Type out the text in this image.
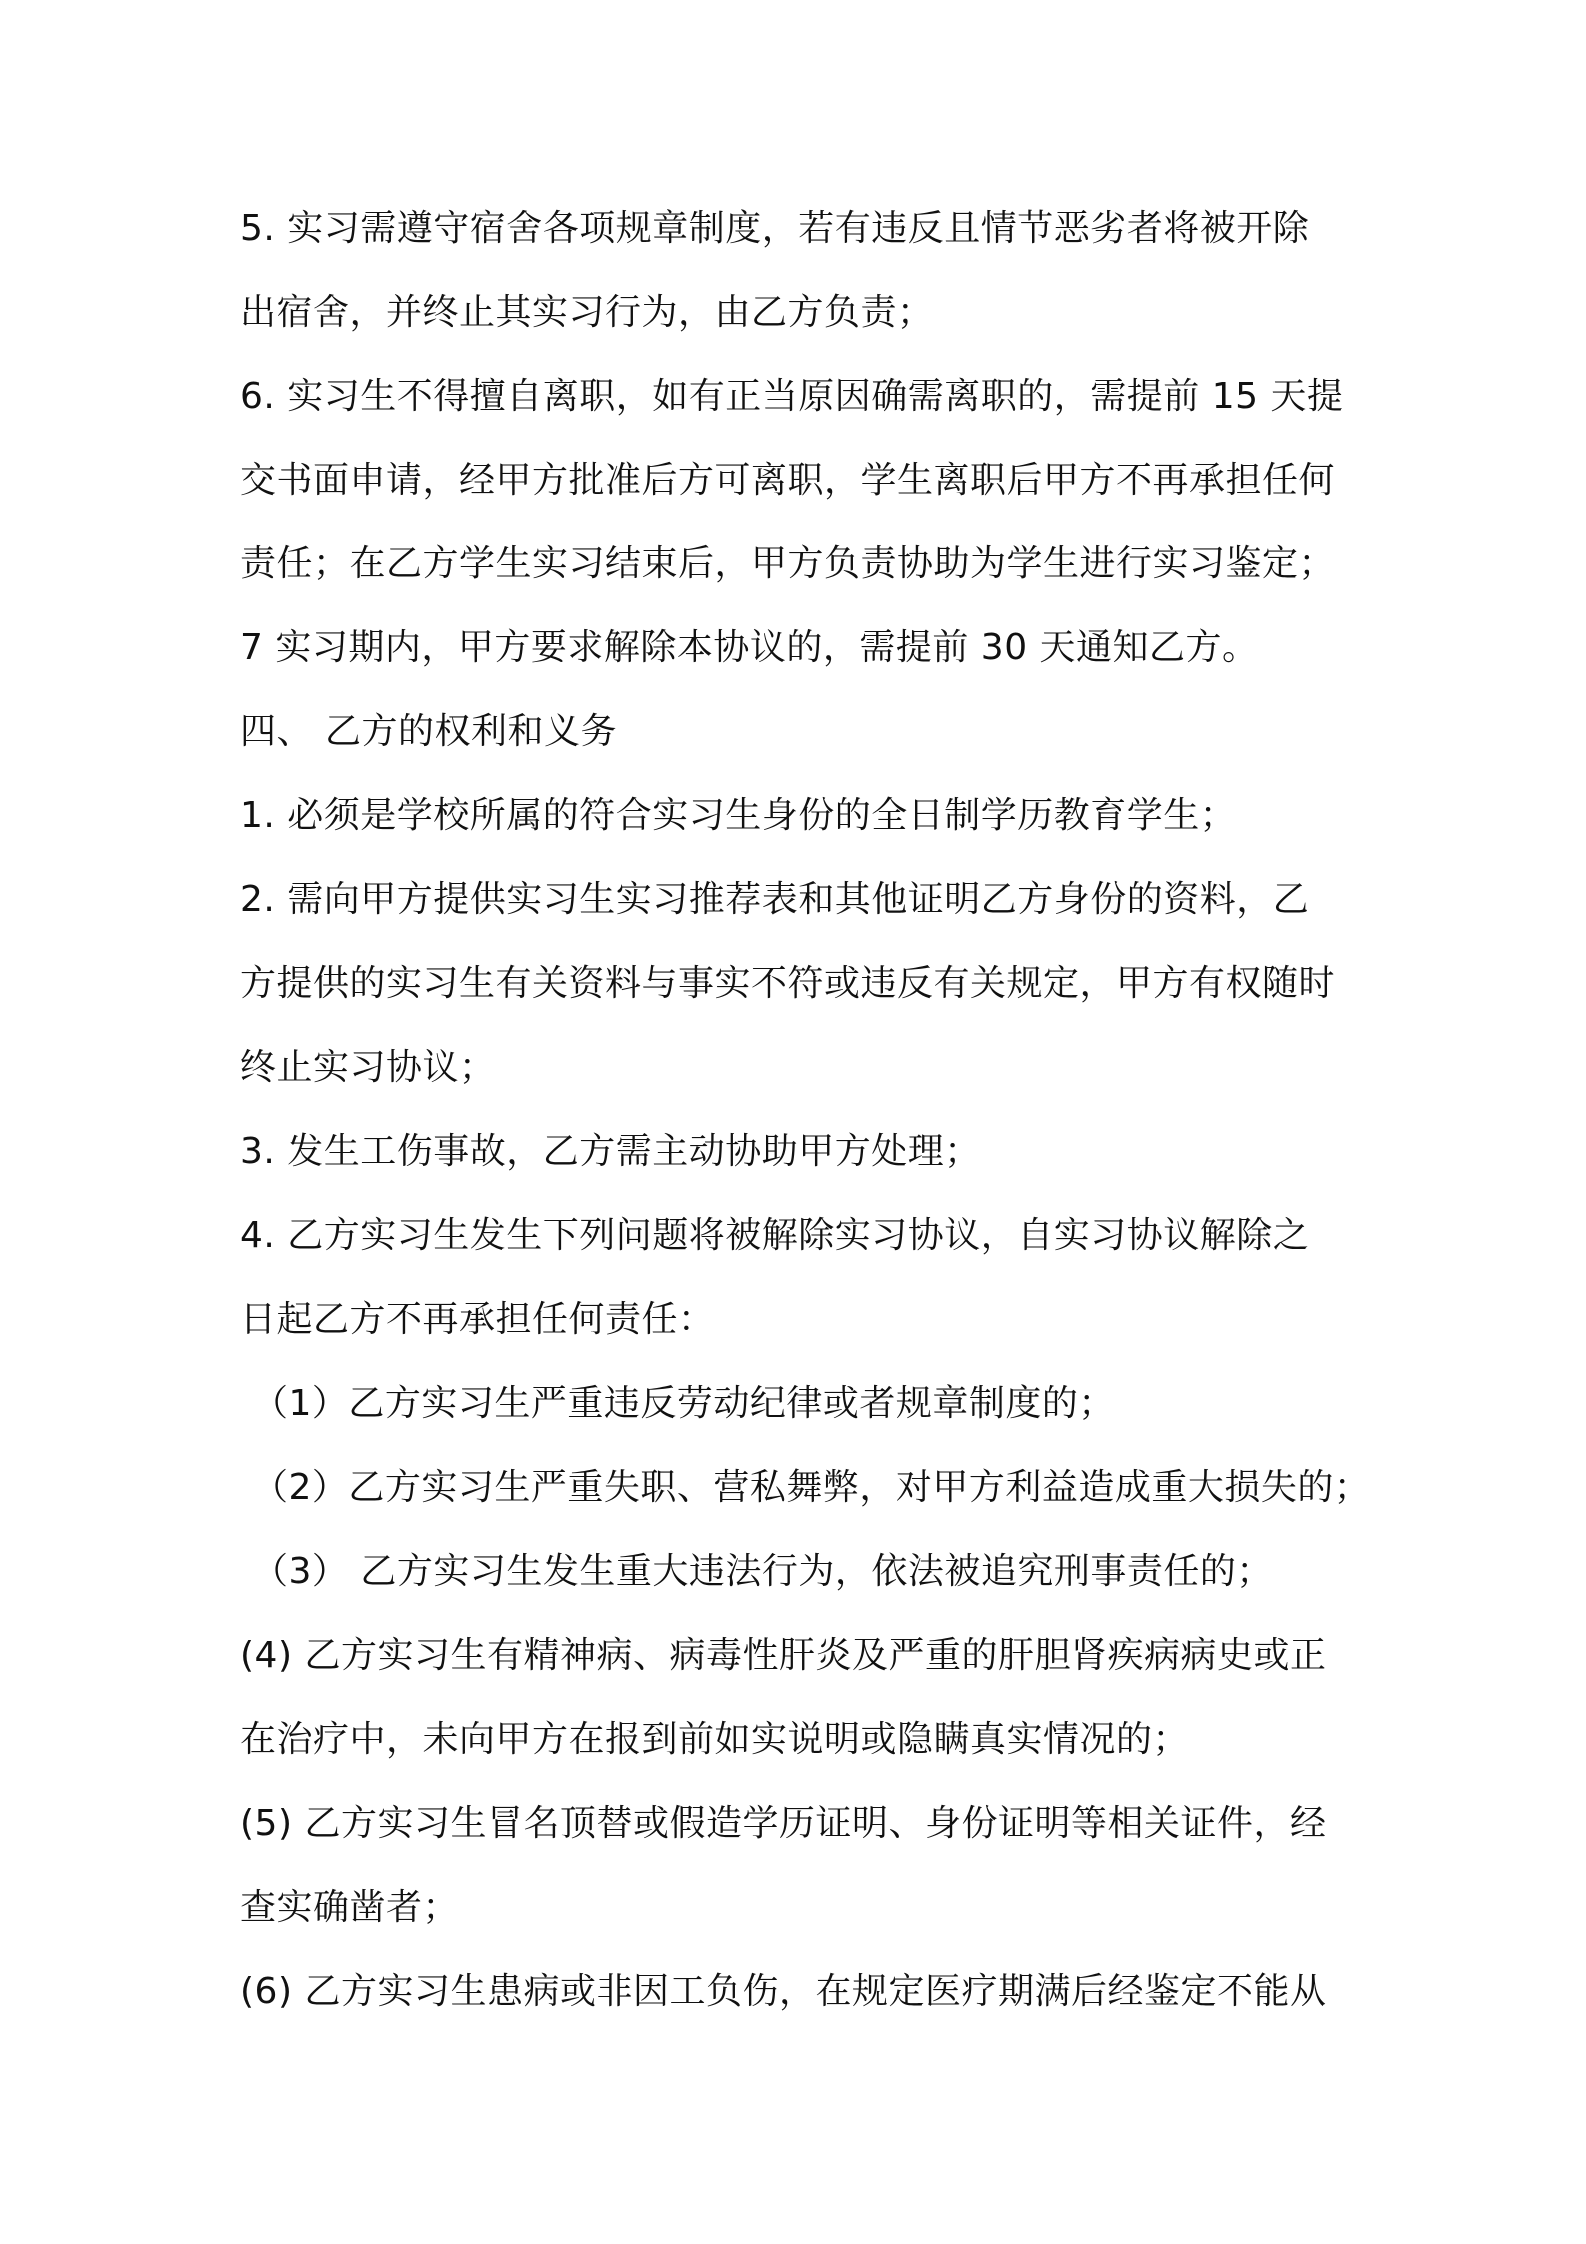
5. 实习需遵守宿舍各项规章制度，若有违反且情节恶劣者将被开除
出宿舍，并终止其实习行为，由乙方负责；
6. 实习生不得擅自离职，如有正当原因确需离职的，需提前 15 天提
交书面申请，经甲方批准后方可离职，学生离职后甲方不再承担任何
责任；在乙方学生实习结束后，甲方负责协助为学生进行实习鉴定；
7 实习期内，甲方要求解除本协议的，需提前 30 天通知乙方。
四、 乙方的权利和义务
1. 必须是学校所属的符合实习生身份的全日制学历教育学生；
2. 需向甲方提供实习生实习推荐表和其他证明乙方身份的资料，乙
方提供的实习生有关资料与事实不符或违反有关规定，甲方有权随时
终止实习协议；
3. 发生工伤事故，乙方需主动协助甲方处理；
4. 乙方实习生发生下列问题将被解除实习协议，自实习协议解除之
日起乙方不再承担任何责任：
（1）乙方实习生严重违反劳动纪律或者规章制度的；
（2）乙方实习生严重失职、营私舞弊，对甲方利益造成重大损失的；
（3） 乙方实习生发生重大违法行为，依法被追究刑事责任的；
(4) 乙方实习生有精神病、病毒性肝炎及严重的肝胆肾疾病病史或正
在治疗中，未向甲方在报到前如实说明或隐瞒真实情况的；
(5) 乙方实习生冒名顶替或假造学历证明、身份证明等相关证件，经
查实确凿者；
(6) 乙方实习生患病或非因工负伤，在规定医疗期满后经鉴定不能从
